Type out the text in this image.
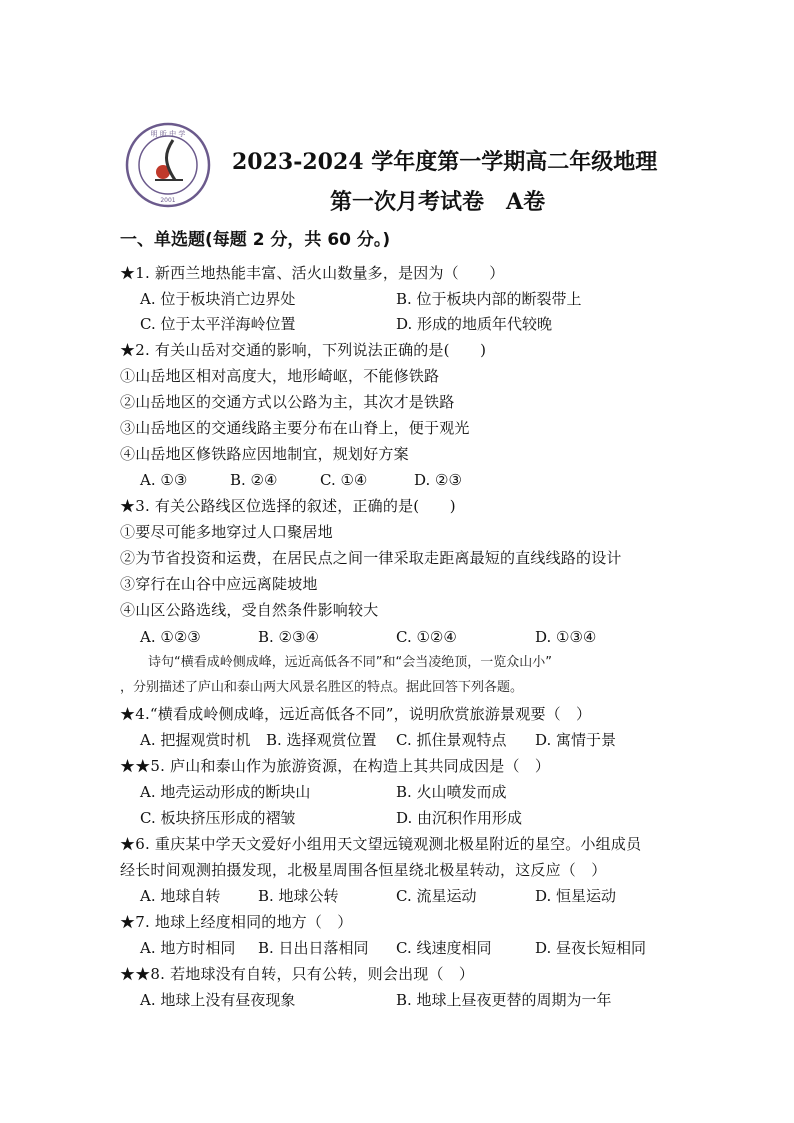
明 昕 中 学
2001
2023-2024 学年度第一学期高二年级地理
第一次月考试卷　A卷
一、单选题(每题 2 分，共 60 分。)
★1. 新西兰地热能丰富、活火山数量多，是因为（　　）
A. 位于板块消亡边界处	B. 位于板块内部的断裂带上
C. 位于太平洋海岭位置	D. 形成的地质年代较晚
★2. 有关山岳对交通的影响，下列说法正确的是(　　)
①山岳地区相对高度大，地形崎岖，不能修铁路
②山岳地区的交通方式以公路为主，其次才是铁路
③山岳地区的交通线路主要分布在山脊上，便于观光
④山岳地区修铁路应因地制宜，规划好方案
A. ①③	B. ②④	C. ①④	D. ②③
★3. 有关公路线区位选择的叙述，正确的是(　　)
①要尽可能多地穿过人口聚居地
②为节省投资和运费，在居民点之间一律采取走距离最短的直线线路的设计
③穿行在山谷中应远离陡坡地
④山区公路选线，受自然条件影响较大
A. ①②③	B. ②③④	C. ①②④	D. ①③④
诗句“横看成岭侧成峰，远近高低各不同”和“会当凌绝顶，一览众山小”
，分别描述了庐山和泰山两大风景名胜区的特点。据此回答下列各题。
★4.“横看成岭侧成峰，远近高低各不同”，说明欣赏旅游景观要（　）
A. 把握观赏时机 B. 选择观赏位置 C. 抓住景观特点 D. 寓情于景
★★5. 庐山和泰山作为旅游资源，在构造上其共同成因是（　）
A. 地壳运动形成的断块山	B. 火山喷发而成
C. 板块挤压形成的褶皱	D. 由沉积作用形成
★6. 重庆某中学天文爱好小组用天文望远镜观测北极星附近的星空。小组成员
经长时间观测拍摄发现，北极星周围各恒星绕北极星转动，这反应（　）
A. 地球自转	B. 地球公转	C. 流星运动	D. 恒星运动
★7. 地球上经度相同的地方（　）
A. 地方时相同 B. 日出日落相同 C. 线速度相同	D. 昼夜长短相同
★★8. 若地球没有自转，只有公转，则会出现（　）
A. 地球上没有昼夜现象	B. 地球上昼夜更替的周期为一年
